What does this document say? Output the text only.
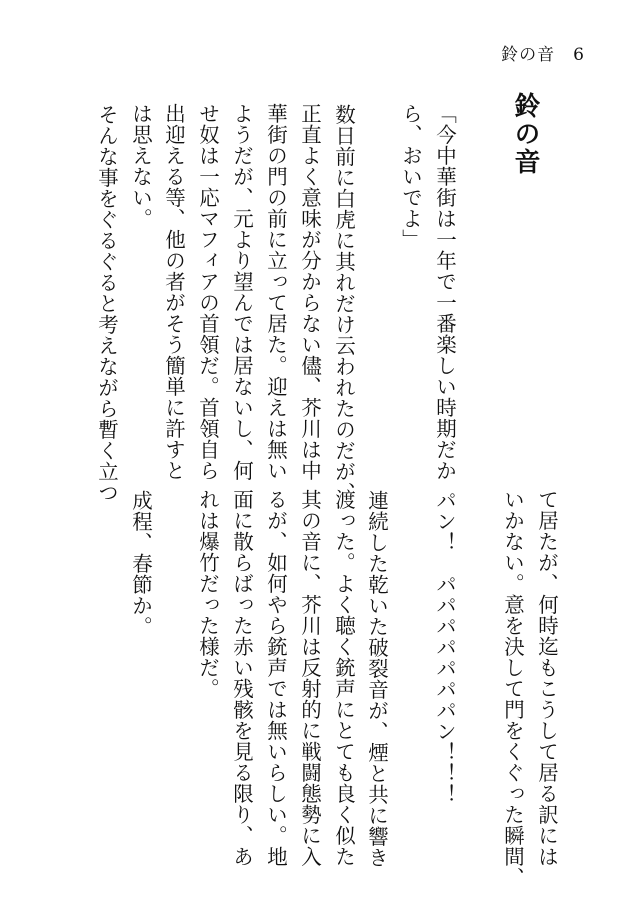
鈴の音 6
鈴の音
「今中華街は一年で一番楽しい時期だか
ら、おいでよ」
　数日前に白虎に其れだけ云われたのだが、
正直よく意味が分からない儘、芥川は中
華街の門の前に立って居た。迎えは無い
ようだが、元より望んでは居ないし、何
せ奴は一応マフィアの首領だ。首領自ら
出迎える等、他の者がそう簡単に許すと
は思えない。
　そんな事をぐるぐると考えながら暫く立つ
て居たが、何時迄もこうして居る訳には
いかない。意を決して門をくぐった瞬間、
　パン！　パパパパパパパン！！！
　連続した乾いた破裂音が、煙と共に響き
渡った。よく聴く銃声にとても良く似た
其の音に、芥川は反射的に戦闘態勢に入
るが、如何やら銃声では無いらしい。地
面に散らばった赤い残骸を見る限り、あ
れは爆竹だった様だ。
　成程、春節か。
